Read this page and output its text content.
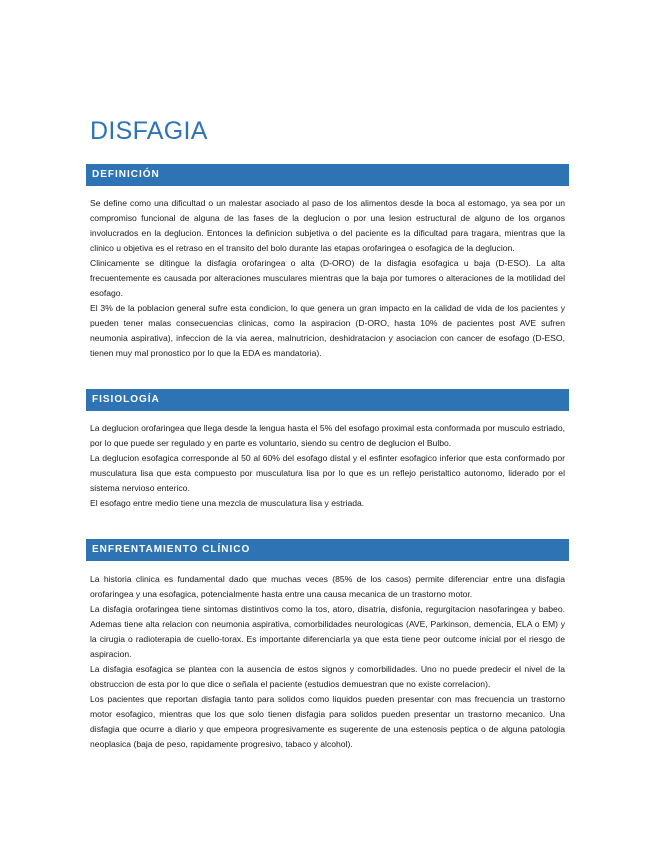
DISFAGIA
DEFINICIÓN

Se define como una dificultad o un malestar asociado al paso de los alimentos desde la boca al estomago, ya sea por un compromiso funcional de alguna de las fases de la deglucion o por una lesion estructural de alguno de los organos involucrados en la deglucion. Entonces la definicion subjetiva o del paciente es la dificultad para tragara, mientras que la clinico u objetiva es el retraso en el transito del bolo durante las etapas orofaringea o esofagica de la deglucion.

Clinicamente se ditingue la disfagia orofaringea o alta (D-ORO) de la disfagia esofagica u baja (D-ESO). La alta frecuentemente es causada por alteraciones musculares mientras que la baja por tumores o alteraciones de la motilidad del esofago.

El 3% de la poblacion general sufre esta condicion, lo que genera un gran impacto en la calidad de vida de los pacientes y pueden tener malas consecuencias clinicas, como la aspiracion (D-ORO, hasta 10% de pacientes post AVE sufren neumonia aspirativa), infeccion de la via aerea, malnutricion, deshidratacion y asociacion con cancer de esofago (D-ESO, tienen muy mal pronostico por lo que la EDA es mandatoria).

FISIOLOGÍA

La deglucion orofaringea que llega desde la lengua hasta el 5% del esofago proximal esta conformada por musculo estriado, por lo que puede ser regulado y en parte es voluntario, siendo su centro de deglucion el Bulbo.

La deglucion esofagica corresponde al 50 al 60% del esofago distal y el esfinter esofagico inferior que esta conformado por musculatura lisa que esta compuesto por musculatura lisa por lo que es un reflejo peristaltico autonomo, liderado por el sistema nervioso enterico.

El esofago entre medio tiene una mezcla de musculatura lisa y estriada.

ENFRENTAMIENTO CLÍNICO

La historia clinica es fundamental dado que muchas veces (85% de los casos) permite diferenciar entre una disfagia orofaringea y una esofagica, potencialmente hasta entre una causa mecanica de un trastorno motor.

La disfagia orofaringea tiene sintomas distintivos como la tos, atoro, disatria, disfonia, regurgitacion nasofaringea y babeo. Ademas tiene alta relacion con neumonia aspirativa, comorbilidades neurologicas (AVE, Parkinson, demencia, ELA o EM) y la cirugia o radioterapia de cuello-torax. Es importante diferenciarla ya que esta tiene peor outcome inicial por el riesgo de aspiracion.

La disfagia esofagica se plantea con la ausencia de estos signos y comorbilidades. Uno no puede predecir el nivel de la obstruccion de esta por lo que dice o señala el paciente (estudios demuestran que no existe correlacion).

Los pacientes que reportan disfagia tanto para solidos como liquidos pueden presentar con mas frecuencia un trastorno motor esofagico, mientras que los que solo tienen disfagia para solidos pueden presentar un trastorno mecanico. Una disfagia que ocurre a diario y que empeora progresivamente es sugerente de una estenosis peptica o de alguna patologia neoplasica (baja de peso, rapidamente progresivo, tabaco y alcohol).
